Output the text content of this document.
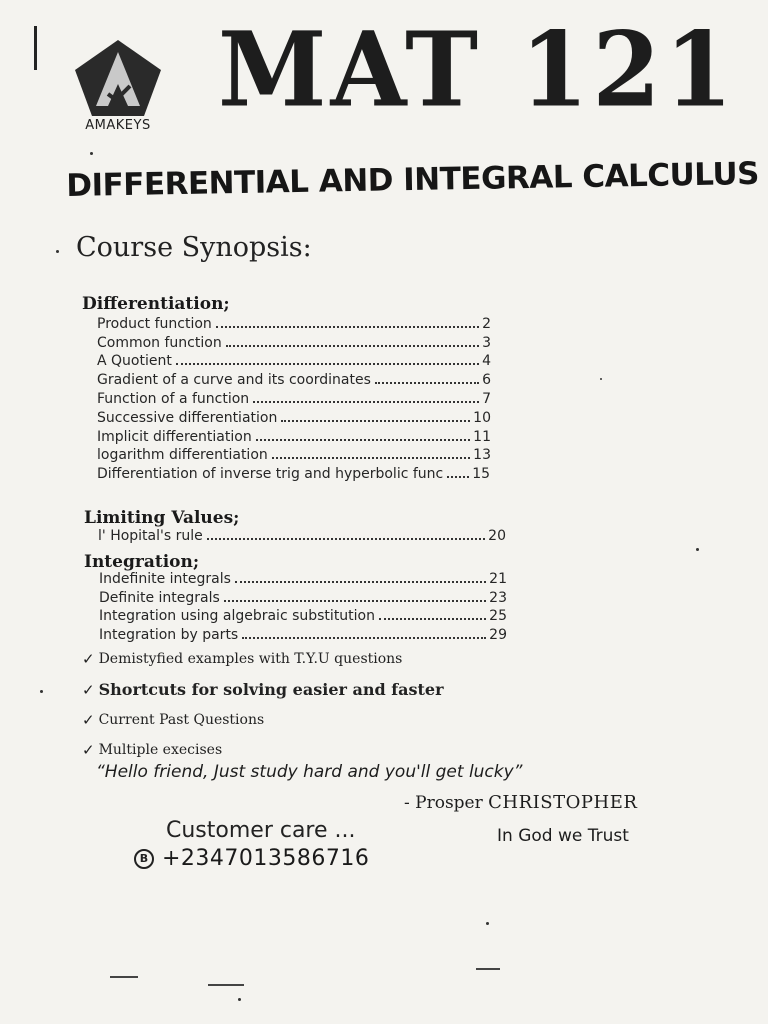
AMAKEYS MAT 121
DIFFERENTIAL AND INTEGRAL CALCULUS
Course Synopsis:
Differentiation;
Product function	2
Common function	3
A Quotient	4
Gradient of a curve and its coordinates	6
Function of a function	7
Successive differentiation	10
Implicit differentiation	11
logarithm differentiation	13
Differentiation of inverse trig and hyperbolic func 15
Limiting Values;
l' Hopital's rule	20
Integration;
Indefinite integrals	21
Definite integrals	23
Integration using algebraic substitution	25
Integration by parts	29
✓ Demistyfied examples with T.Y.U questions
✓ Shortcuts for solving easier and faster
✓ Current Past Questions
✓ Multiple execises
“Hello friend, Just study hard and you'll get lucky”
- Prosper CHRISTOPHER
Customer care ...	In God we Trust
B +2347013586716
